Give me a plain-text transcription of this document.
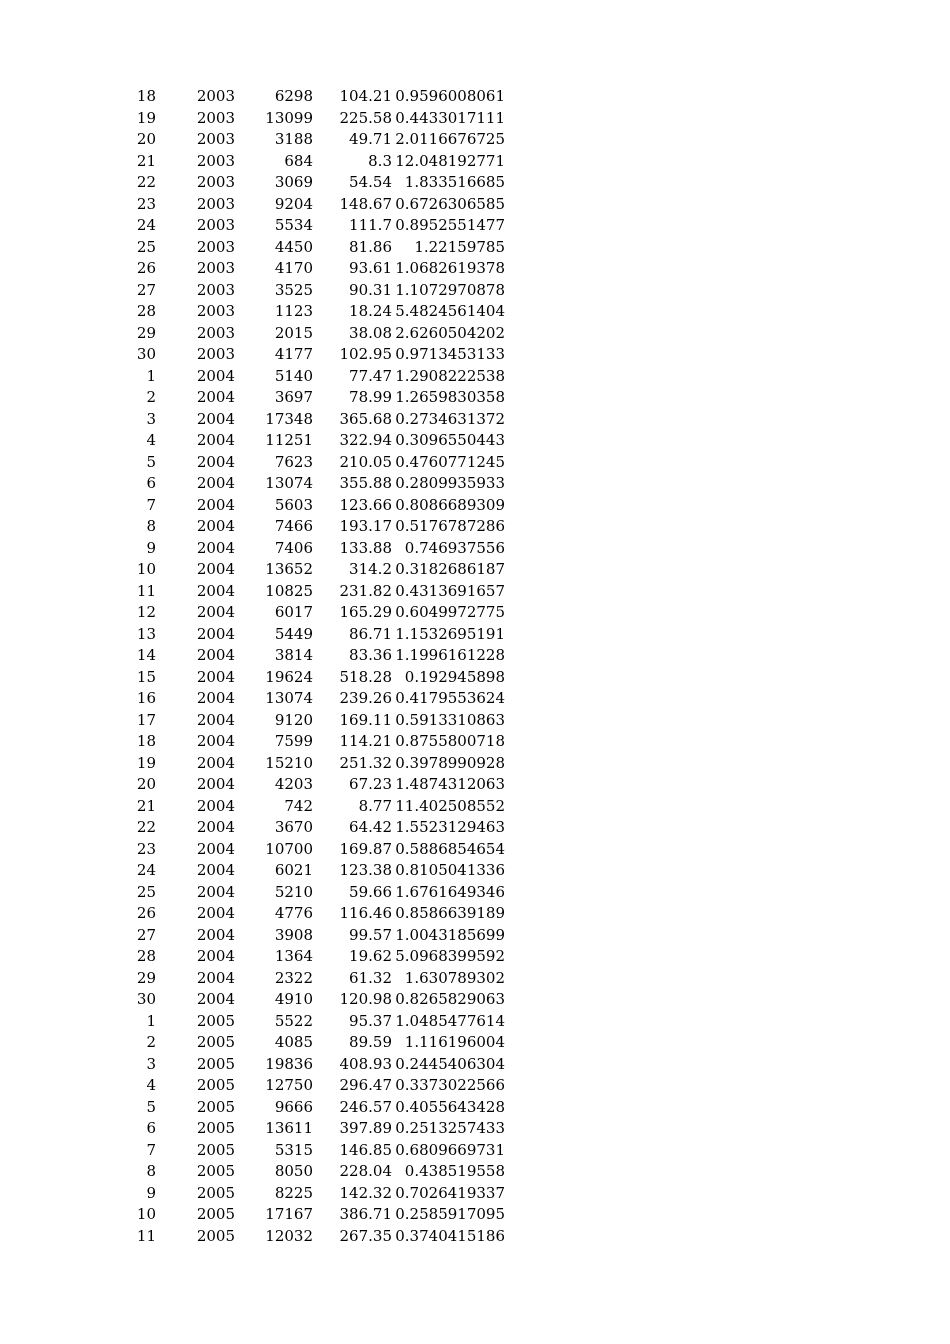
	18	2003	6298	104.21	0.9596008061
	19	2003	13099	225.58	0.4433017111
	20	2003	3188	49.71	2.0116676725
	21	2003	684	8.3	12.048192771
	22	2003	3069	54.54	1.833516685
	23	2003	9204	148.67	0.6726306585
	24	2003	5534	111.7	0.8952551477
	25	2003	4450	81.86	1.22159785
	26	2003	4170	93.61	1.0682619378
	27	2003	3525	90.31	1.1072970878
	28	2003	1123	18.24	5.4824561404
	29	2003	2015	38.08	2.6260504202
	30	2003	4177	102.95	0.9713453133
	1	2004	5140	77.47	1.2908222538
	2	2004	3697	78.99	1.2659830358
	3	2004	17348	365.68	0.2734631372
	4	2004	11251	322.94	0.3096550443
	5	2004	7623	210.05	0.4760771245
	6	2004	13074	355.88	0.2809935933
	7	2004	5603	123.66	0.8086689309
	8	2004	7466	193.17	0.5176787286
	9	2004	7406	133.88	0.746937556
	10	2004	13652	314.2	0.3182686187
	11	2004	10825	231.82	0.4313691657
	12	2004	6017	165.29	0.6049972775
	13	2004	5449	86.71	1.1532695191
	14	2004	3814	83.36	1.1996161228
	15	2004	19624	518.28	0.192945898
	16	2004	13074	239.26	0.4179553624
	17	2004	9120	169.11	0.5913310863
	18	2004	7599	114.21	0.8755800718
	19	2004	15210	251.32	0.3978990928
	20	2004	4203	67.23	1.4874312063
	21	2004	742	8.77	11.402508552
	22	2004	3670	64.42	1.5523129463
	23	2004	10700	169.87	0.5886854654
	24	2004	6021	123.38	0.8105041336
	25	2004	5210	59.66	1.6761649346
	26	2004	4776	116.46	0.8586639189
	27	2004	3908	99.57	1.0043185699
	28	2004	1364	19.62	5.0968399592
	29	2004	2322	61.32	1.630789302
	30	2004	4910	120.98	0.8265829063
	1	2005	5522	95.37	1.0485477614
	2	2005	4085	89.59	1.116196004
	3	2005	19836	408.93	0.2445406304
	4	2005	12750	296.47	0.3373022566
	5	2005	9666	246.57	0.4055643428
	6	2005	13611	397.89	0.2513257433
	7	2005	5315	146.85	0.6809669731
	8	2005	8050	228.04	0.438519558
	9	2005	8225	142.32	0.7026419337
	10	2005	17167	386.71	0.2585917095
	11	2005	12032	267.35	0.3740415186
